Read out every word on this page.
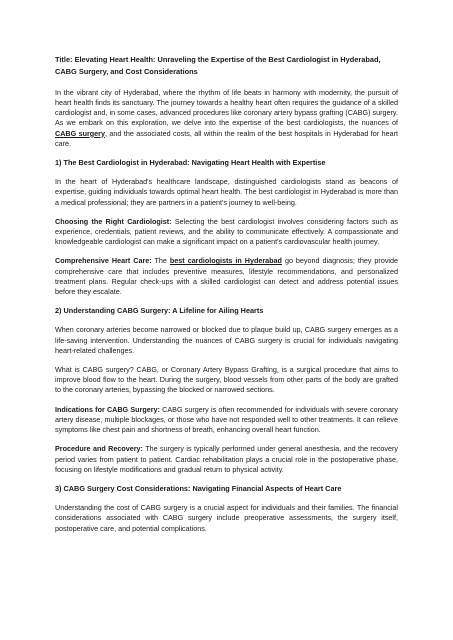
Title: Elevating Heart Health: Unraveling the Expertise of the Best Cardiologist in Hyderabad, CABG Surgery, and Cost Considerations

In the vibrant city of Hyderabad, where the rhythm of life beats in harmony with modernity, the pursuit of heart health finds its sanctuary. The journey towards a healthy heart often requires the guidance of a skilled cardiologist and, in some cases, advanced procedures like coronary artery bypass grafting (CABG) surgery. As we embark on this exploration, we delve into the expertise of the best cardiologists, the nuances of CABG surgery, and the associated costs, all within the realm of the best hospitals in Hyderabad for heart care.

1) The Best Cardiologist in Hyderabad: Navigating Heart Health with Expertise

In the heart of Hyderabad's healthcare landscape, distinguished cardiologists stand as beacons of expertise, guiding individuals towards optimal heart health. The best cardiologist in Hyderabad is more than a medical professional; they are partners in a patient's journey to well-being.

Choosing the Right Cardiologist: Selecting the best cardiologist involves considering factors such as experience, credentials, patient reviews, and the ability to communicate effectively. A compassionate and knowledgeable cardiologist can make a significant impact on a patient's cardiovascular health journey.

Comprehensive Heart Care: The best cardiologists in Hyderabad go beyond diagnosis; they provide comprehensive care that includes preventive measures, lifestyle recommendations, and personalized treatment plans. Regular check-ups with a skilled cardiologist can detect and address potential issues before they escalate.

2) Understanding CABG Surgery: A Lifeline for Ailing Hearts

When coronary arteries become narrowed or blocked due to plaque build up, CABG surgery emerges as a life-saving intervention. Understanding the nuances of CABG surgery is crucial for individuals navigating heart-related challenges.

What is CABG surgery? CABG, or Coronary Artery Bypass Grafting, is a surgical procedure that aims to improve blood flow to the heart. During the surgery, blood vessels from other parts of the body are grafted to the coronary arteries, bypassing the blocked or narrowed sections.

Indications for CABG Surgery: CABG surgery is often recommended for individuals with severe coronary artery disease, multiple blockages, or those who have not responded well to other treatments. It can relieve symptoms like chest pain and shortness of breath, enhancing overall heart function.

Procedure and Recovery: The surgery is typically performed under general anesthesia, and the recovery period varies from patient to patient. Cardiac rehabilitation plays a crucial role in the postoperative phase, focusing on lifestyle modifications and gradual return to physical activity.

3) CABG Surgery Cost Considerations: Navigating Financial Aspects of Heart Care

Understanding the cost of CABG surgery is a crucial aspect for individuals and their families. The financial considerations associated with CABG surgery include preoperative assessments, the surgery itself, postoperative care, and potential complications.
